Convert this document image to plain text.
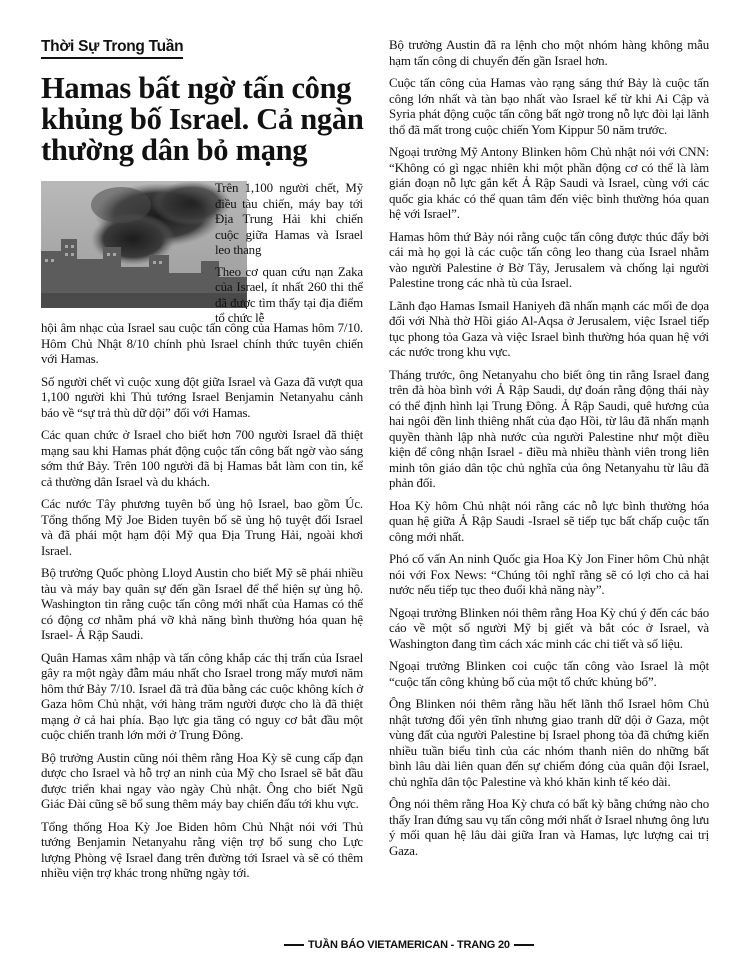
Thời Sự Trong Tuần
Hamas bất ngờ tấn công khủng bố Israel. Cả ngàn thường dân bỏ mạng

Trên 1,100 người chết, Mỹ điều tàu chiến, máy bay tới Địa Trung Hải khi chiến cuộc giữa Hamas và Israel leo thang

Theo cơ quan cứu nạn Zaka của Israel, ít nhất 260 thi thể đã được tìm thấy tại địa điểm tổ chức lễ

hội âm nhạc của Israel sau cuộc tấn công của Hamas hôm 7/10. Hôm Chủ Nhật 8/10 chính phủ Israel chính thức tuyên chiến với Hamas.

Số người chết vì cuộc xung đột giữa Israel và Gaza đã vượt qua 1,100 người khi Thủ tướng Israel Benjamin Netanyahu cảnh báo về “sự trả thù dữ dội” đối với Hamas.

Các quan chức ở Israel cho biết hơn 700 người Israel đã thiệt mạng sau khi Hamas phát động cuộc tấn công bất ngờ vào sáng sớm thứ Bảy. Trên 100 người đã bị Hamas bắt làm con tin, kể cả thường dân Israel và du khách.

Các nước Tây phương tuyên bố ủng hộ Israel, bao gồm Úc. Tổng thống Mỹ Joe Biden tuyên bố sẽ ủng hộ tuyệt đối Israel và đã phái một hạm đội Mỹ qua Địa Trung Hải, ngoài khơi Israel.

Bộ trưởng Quốc phòng Lloyd Austin cho biết Mỹ sẽ phái nhiều tàu và máy bay quân sự đến gần Israel để thể hiện sự ủng hộ. Washington tin rằng cuộc tấn công mới nhất của Hamas có thể có động cơ nhằm phá vỡ khả năng bình thường hóa quan hệ Israel- Ả Rập Saudi.

Quân Hamas xâm nhập và tấn công khắp các thị trấn của Israel gây ra một ngày đẫm máu nhất cho Israel trong mấy mươi năm hôm thứ Bảy 7/10. Israel đã trả đũa bằng các cuộc không kích ở Gaza hôm Chủ nhật, với hàng trăm người được cho là đã thiệt mạng ở cả hai phía. Bạo lực gia tăng có nguy cơ bắt đầu một cuộc chiến tranh lớn mới ở Trung Đông.

Bộ trưởng Austin cũng nói thêm rằng Hoa Kỳ sẽ cung cấp đạn dược cho Israel và hỗ trợ an ninh của Mỹ cho Israel sẽ bắt đầu được triển khai ngay vào ngày Chủ nhật. Ông cho biết Ngũ Giác Đài cũng sẽ bổ sung thêm máy bay chiến đấu tới khu vực.

Tổng thống Hoa Kỳ Joe Biden hôm Chủ Nhật nói với Thủ tướng Benjamin Netanyahu rằng viện trợ bổ sung cho Lực lượng Phòng vệ Israel đang trên đường tới Israel và sẽ có thêm nhiều viện trợ khác trong những ngày tới.

Bộ trưởng Austin đã ra lệnh cho một nhóm hàng không mẫu hạm tấn công di chuyển đến gần Israel hơn.

Cuộc tấn công của Hamas vào rạng sáng thứ Bảy là cuộc tấn công lớn nhất và tàn bạo nhất vào Israel kể từ khi Ai Cập và Syria phát động cuộc tấn công bất ngờ trong nỗ lực đòi lại lãnh thổ đã mất trong cuộc chiến Yom Kippur 50 năm trước.

Ngoại trưởng Mỹ Antony Blinken hôm Chủ nhật nói với CNN: “Không có gì ngạc nhiên khi một phần động cơ có thể là làm gián đoạn nỗ lực gắn kết Ả Rập Saudi và Israel, cùng với các quốc gia khác có thể quan tâm đến việc bình thường hóa quan hệ với Israel”.

Hamas hôm thứ Bảy nói rằng cuộc tấn công được thúc đẩy bởi cái mà họ gọi là các cuộc tấn công leo thang của Israel nhằm vào người Palestine ở Bờ Tây, Jerusalem và chống lại người Palestine trong các nhà tù của Israel.

Lãnh đạo Hamas Ismail Haniyeh đã nhấn mạnh các mối đe dọa đối với Nhà thờ Hồi giáo Al-Aqsa ở Jerusalem, việc Israel tiếp tục phong tỏa Gaza và việc Israel bình thường hóa quan hệ với các nước trong khu vực.

Tháng trước, ông Netanyahu cho biết ông tin rằng Israel đang trên đà hòa bình với Ả Rập Saudi, dự đoán rằng động thái này có thể định hình lại Trung Đông. Ả Rập Saudi, quê hương của hai ngôi đền linh thiêng nhất của đạo Hồi, từ lâu đã nhấn mạnh quyền thành lập nhà nước của người Palestine như một điều kiện để công nhận Israel - điều mà nhiều thành viên trong liên minh tôn giáo dân tộc chủ nghĩa của ông Netanyahu từ lâu đã phản đối.

Hoa Kỳ hôm Chủ nhật nói rằng các nỗ lực bình thường hóa quan hệ giữa Ả Rập Saudi -Israel sẽ tiếp tục bất chấp cuộc tấn công mới nhất.

Phó cố vấn An ninh Quốc gia Hoa Kỳ Jon Finer hôm Chủ nhật nói với Fox News: “Chúng tôi nghĩ rằng sẽ có lợi cho cả hai nước nếu tiếp tục theo đuổi khả năng này”.

Ngoại trưởng Blinken nói thêm rằng Hoa Kỳ chú ý đến các báo cáo về một số người Mỹ bị giết và bắt cóc ở Israel, và Washington đang tìm cách xác minh các chi tiết và số liệu.

Ngoại trưởng Blinken coi cuộc tấn công vào Israel là một “cuộc tấn công khủng bố của một tổ chức khủng bố”.

Ông Blinken nói thêm rằng hầu hết lãnh thổ Israel hôm Chủ nhật tương đối yên tĩnh nhưng giao tranh dữ dội ở Gaza, một vùng đất của người Palestine bị Israel phong tỏa đã chứng kiến nhiều tuần biểu tình của các nhóm thanh niên do những bất bình lâu dài liên quan đến sự chiếm đóng của quân đội Israel, chủ nghĩa dân tộc Palestine và khó khăn kinh tế kéo dài.

Ông nói thêm rằng Hoa Kỳ chưa có bất kỳ bằng chứng nào cho thấy Iran đứng sau vụ tấn công mới nhất ở Israel nhưng ông lưu ý mối quan hệ lâu dài giữa Iran và Hamas, lực lượng cai trị Gaza.

TUẦN BÁO VIETAMERICAN - TRANG 20
